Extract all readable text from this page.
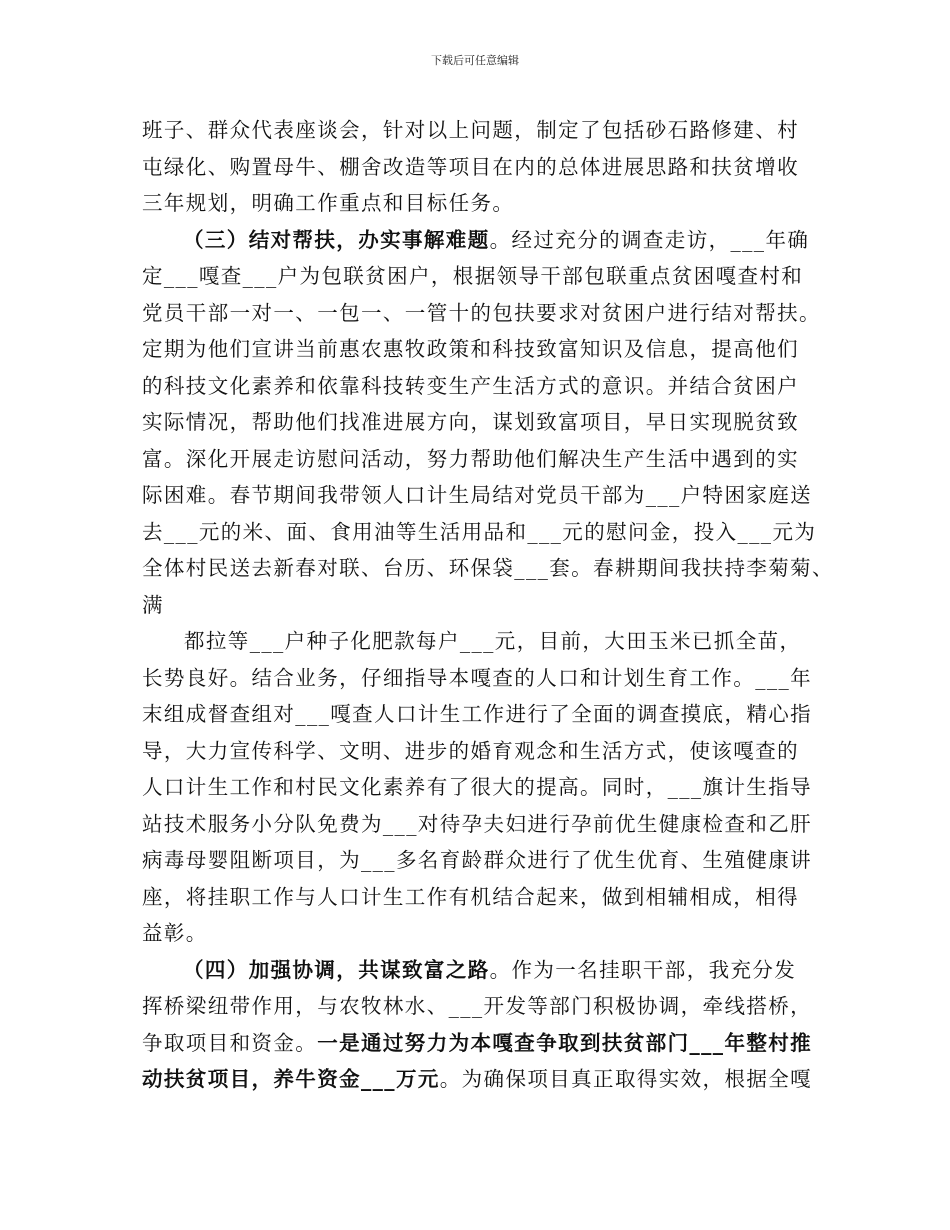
下载后可任意编辑
班子、群众代表座谈会，针对以上问题，制定了包括砂石路修建、村
屯绿化、购置母牛、棚舍改造等项目在内的总体进展思路和扶贫增收
三年规划，明确工作重点和目标任务。
（三）结对帮扶，办实事解难题。经过充分的调查走访，___年确
定___嘎查___户为包联贫困户，根据领导干部包联重点贫困嘎查村和
党员干部一对一、一包一、一管十的包扶要求对贫困户进行结对帮扶。
定期为他们宣讲当前惠农惠牧政策和科技致富知识及信息，提高他们
的科技文化素养和依靠科技转变生产生活方式的意识。并结合贫困户
实际情况，帮助他们找准进展方向，谋划致富项目，早日实现脱贫致
富。深化开展走访慰问活动，努力帮助他们解决生产生活中遇到的实
际困难。春节期间我带领人口计生局结对党员干部为___户特困家庭送
去___元的米、面、食用油等生活用品和___元的慰问金，投入___元为
全体村民送去新春对联、台历、环保袋___套。春耕期间我扶持李菊菊、
满
都拉等___户种子化肥款每户___元，目前，大田玉米已抓全苗，
长势良好。结合业务，仔细指导本嘎查的人口和计划生育工作。___年
末组成督查组对___嘎查人口计生工作进行了全面的调查摸底，精心指
导，大力宣传科学、文明、进步的婚育观念和生活方式，使该嘎查的
人口计生工作和村民文化素养有了很大的提高。同时，___旗计生指导
站技术服务小分队免费为___对待孕夫妇进行孕前优生健康检查和乙肝
病毒母婴阻断项目，为___多名育龄群众进行了优生优育、生殖健康讲
座，将挂职工作与人口计生工作有机结合起来，做到相辅相成，相得
益彰。
（四）加强协调，共谋致富之路。作为一名挂职干部，我充分发
挥桥梁纽带作用，与农牧林水、___开发等部门积极协调，牵线搭桥，
争取项目和资金。一是通过努力为本嘎查争取到扶贫部门___年整村推
动扶贫项目，养牛资金___万元。为确保项目真正取得实效，根据全嘎
